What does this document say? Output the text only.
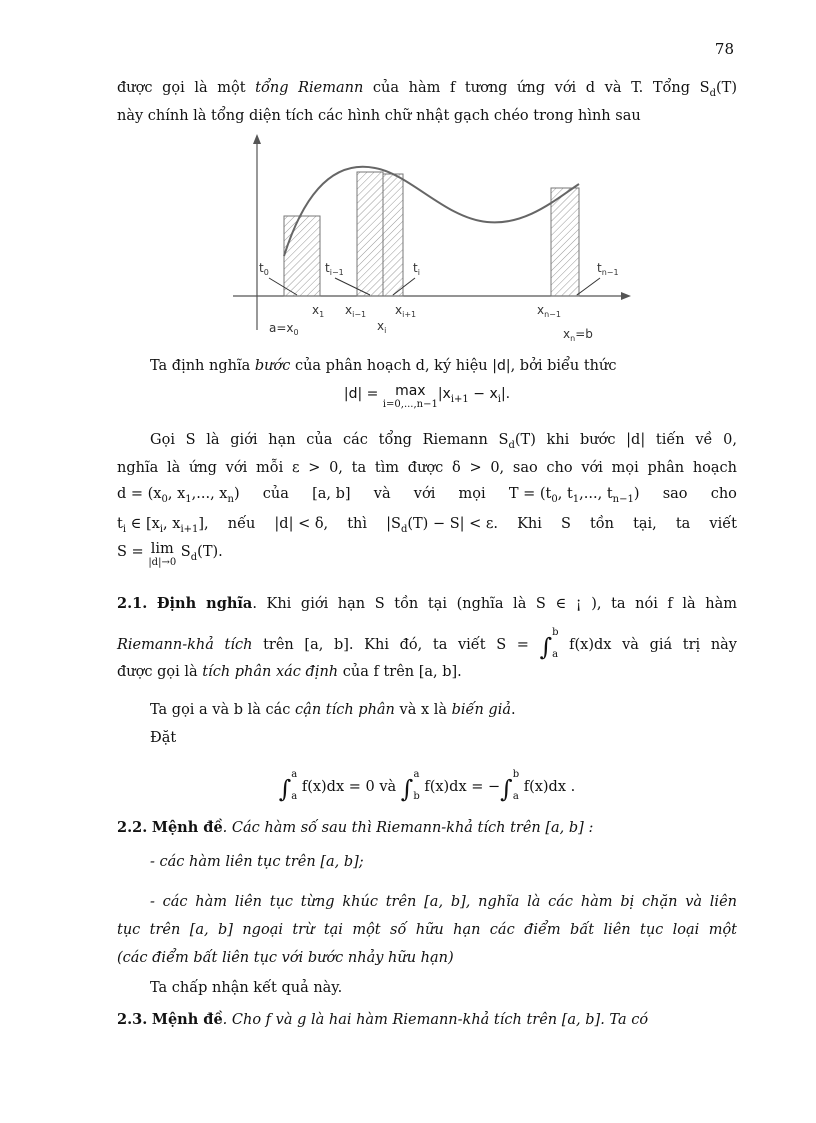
78
được gọi là một tổng Riemann của hàm f tương ứng với d và T. Tổng $S_d(T)$
này chính là tổng diện tích các hình chữ nhật gạch chéo trong hình sau
$t_0$	$t_{i-1}$	$t_i$	$t_{n-1}$
$x_1$ $x_{i-1}$ $x_{i+1}$	$x_{n-1}$
$a=x_0$	$x_i$	$x_n=b$
Ta định nghĩa bước của phân hoạch d, ký hiệu |d|, bởi biểu thức
|d| = max
i=0,...,n−1
$|x_{i+1} - x_i|$.
Gọi S là giới hạn của các tổng Riemann $S_d(T)$ khi bước |d| tiến về 0,
nghĩa là ứng với mỗi ε > 0, ta tìm được δ > 0, sao cho với mọi phân hoạch
$d = (x_0$, $x_1$,..., $x_n$) của [a, b] và với mọi $T = (t_0$, $t_1$,..., $t_{n-1}$) sao cho
$t_i$ ∈ [$x_i$, $x_{i+1}$], nếu |d| < δ, thì $|S_d(T) - S| < \varepsilon$. Khi S tồn tại, ta viết
S = lim
|d|→0
$S_d(T)$.
2.1. Định nghĩa. Khi giới hạn S tồn tại (nghĩa là S ∈ ¡ ), ta nói f là hàm
Riemann-khả tích trên [a, b]. Khi đó, ta viết S = ∫
b
a
f(x)dx và giá trị này
được gọi là tích phân xác định của f trên [a, b].
Ta gọi a và b là các cận tích phân và x là biến giả.
Đặt
∫
a
a
f(x)dx = 0 và ∫
a
b
f(x)dx = −∫
b
a
f(x)dx .
2.2. Mệnh đề. Các hàm số sau thì Riemann-khả tích trên [a, b] :
- các hàm liên tục trên [a, b];
- các hàm liên tục từng khúc trên [a, b], nghĩa là các hàm bị chặn và liên
tục trên [a, b] ngoại trừ tại một số hữu hạn các điểm bất liên tục loại một
(các điểm bất liên tục với bước nhảy hữu hạn)
Ta chấp nhận kết quả này.
2.3. Mệnh đề. Cho f và g là hai hàm Riemann-khả tích trên [a, b]. Ta có
